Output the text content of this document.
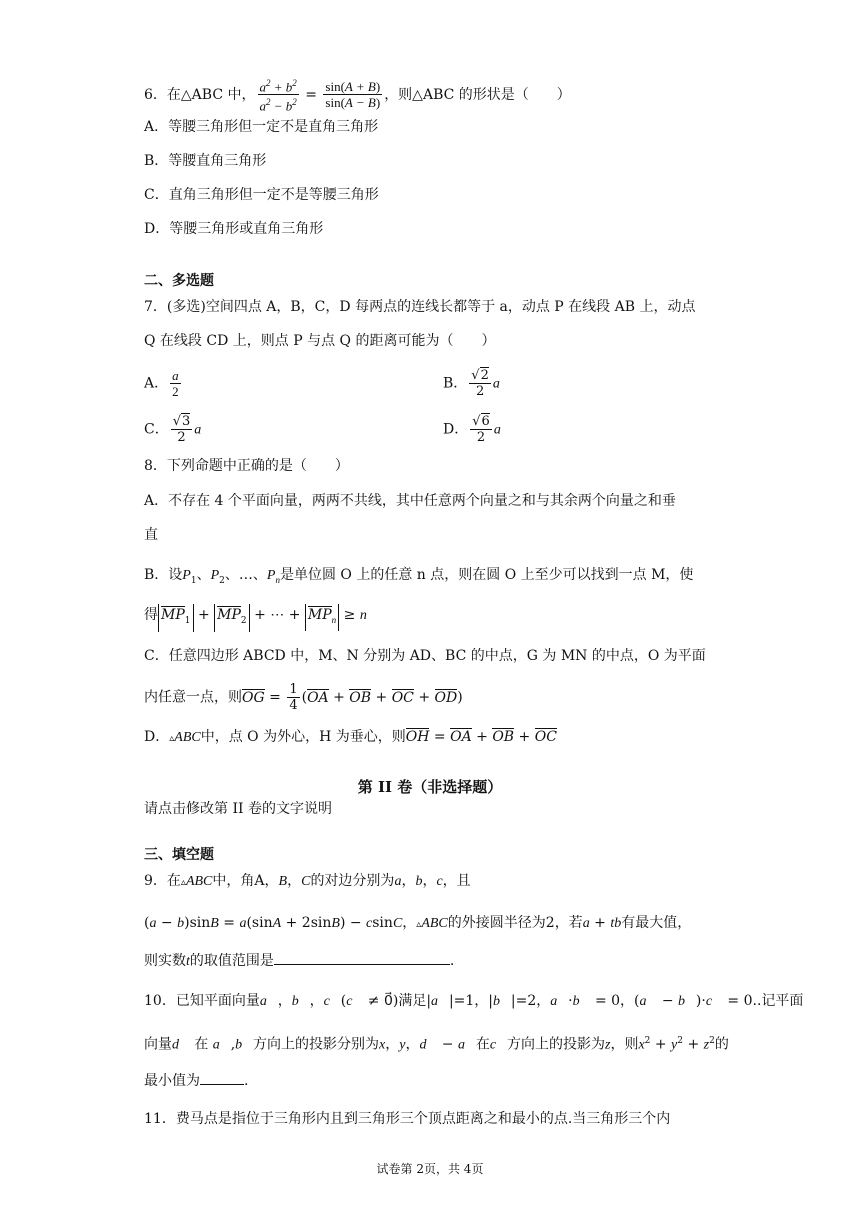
6．在△ABC 中， $\frac{a^2 + b^2}{a^2 - b^2} = \frac{\sin(A + B)}{\sin(A - B)}$ ，则△ABC 的形状是（　　）
A．等腰三角形但一定不是直角三角形
B．等腰直角三角形
C．直角三角形但一定不是等腰三角形
D．等腰三角形或直角三角形
二、多选题
7．(多选)空间四点 A，B，C，D 每两点的连线长都等于 a，动点 P 在线段 AB 上，动点
Q 在线段 CD 上，则点 P 与点 Q 的距离可能为（　　）
A． $\frac{a}{2}$	B． $\frac{√2}{2}$ a
C． $\frac{√3}{2}$ a	D． $\frac{√6}{2}$ a
8．下列命题中正确的是（　　）
A．不存在 4 个平面向量，两两不共线，其中任意两个向量之和与其余两个向量之和垂
直
B．设$P_1$、$P_2$、…、$P_n$是单位圆 O 上的任意 n 点，则在圆 O 上至少可以找到一点 M，使
得 $MP_1 + MP_2$ + ⋯ + $MP_n \ge n$
C．任意四边形 ABCD 中，M、N 分别为 AD、BC 的中点，G 为 MN 的中点，O 为平面
内任意一点，则OG = $\frac{1}{4} (OA$ + OB + OC + OD)
D．▵ABC中，点 O 为外心，H 为垂心，则OH = OA + OB + OC
第 II 卷（非选择题）
请点击修改第 II 卷的文字说明
三、填空题
9．在▵ABC中，角A，B，C的对边分别为a，b，c，且
(a − b)sinB = a(sinA + 2sinB) − csinC，▵ABC的外接圆半径为2，若a + tb有最大值，
则实数t的取值范围是	.
10．已知平面向量a⃗，b⃗，c⃗(c⃗ ≠ 0⃗)满足|a⃗|=1，|b⃗|=2，a⃗·b⃗ = 0，(a⃗ − b⃗)·c⃗ = 0..记平面
向量d⃗ 在 a⃗,b⃗方向上的投影分别为x，y，d⃗ − a⃗在c⃗方向上的投影为z，则$x^2 + y^2 + z^2$的
最小值为	.
11．费马点是指位于三角形内且到三角形三个顶点距离之和最小的点.当三角形三个内
试卷第 2页，共 4页
